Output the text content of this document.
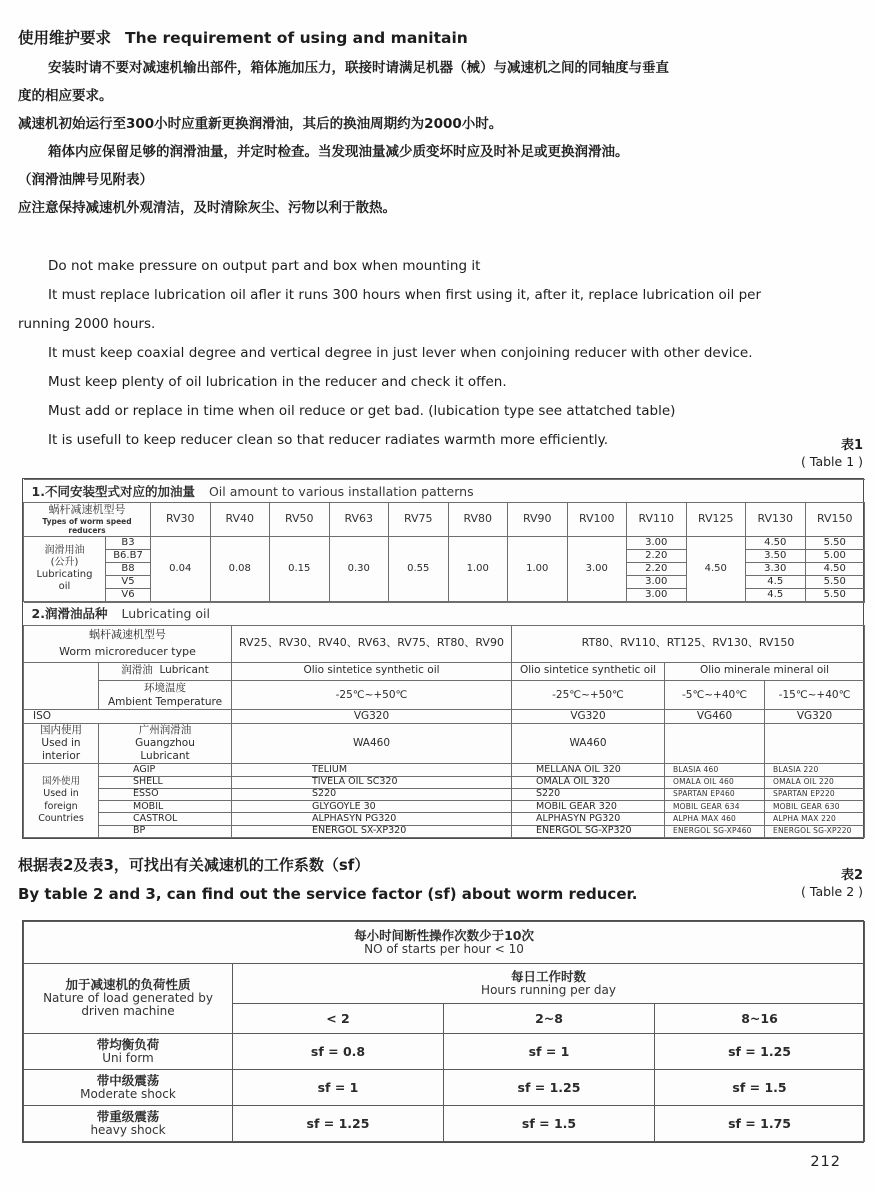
使用维护要求 The requirement of using and manitain

安装时请不要对减速机输出部件，箱体施加压力，联接时请满足机器（械）与减速机之间的同轴度与垂直

度的相应要求。

减速机初始运行至300小时应重新更换润滑油，其后的换油周期约为2000小时。

箱体内应保留足够的润滑油量，并定时检查。当发现油量减少质变坏时应及时补足或更换润滑油。

（润滑油牌号见附表）

应注意保持减速机外观清洁，及时清除灰尘、污物以利于散热。

Do not make pressure on output part and box when mounting it

It must replace lubrication oil afler it runs 300 hours when first using it, after it, replace lubrication oil per

running 2000 hours.

It must keep coaxial degree and vertical degree in just lever when conjoining reducer with other device.

Must keep plenty of oil lubrication in the reducer and check it offen.

Must add or replace in time when oil reduce or get bad. (lubication type see attatched table)

It is usefull to keep reducer clean so that reducer radiates warmth more efficiently.	表1
( Table 1 )
1.不同安装型式对应的加油量 Oil amount to various installation patterns													

蜗杆减速机型号
Types of worm speed reducers		RV30	RV40	RV50	RV63	RV75	RV80	RV90	RV100	RV110	RV125	RV130	RV150

润滑用油
(公升)
Lubricating
oil	B3	0.04	0.08	0.15	0.30	0.55	1.00	1.00	3.00	3.00	4.50	4.50	5.50
	B6.B7									2.20		3.50	5.00
	B8									2.20		3.30	4.50
	V5									3.00		4.5	5.50
	V6									3.00		4.5	5.50
2.润滑油品种 Lubricating oil					

蜗杆减速机型号
Worm microreducer type		RV25、RV30、RV40、RV63、RV75、RT80、RV90	RT80、RV110、RT125、RV130、RV150		
	润滑油 Lubricant	Olio sintetice synthetic oil	Olio sintetice synthetic oil	Olio minerale mineral oil	

	环境温度
Ambient Temperature	-25℃~+50℃	-25℃~+50℃	-5℃~+40℃	-15℃~+40℃
ISO		VG320	VG320	VG460	VG320

国内使用
Used in
interior

广州润滑油
Guangzhou
Lubricant
	WA460	WA460		

国外使用
Used in
foreign
Countries	AGIP	TELIUM	MELLANA OIL 320	BLASIA 460	BLASIA 220
	SHELL	TIVELA OIL SC320	OMALA OIL 320	OMALA OIL 460	OMALA OIL 220
	ESSO	S220	S220	SPARTAN EP460	SPARTAN EP220
	MOBIL	GLYGOYLE 30	MOBIL GEAR 320	MOBIL GEAR 634	MOBIL GEAR 630
	CASTROL	ALPHASYN PG320	ALPHASYN PG320	ALPHA MAX 460	ALPHA MAX 220
	BP	ENERGOL SX-XP320	ENERGOL SG-XP320	ENERGOL SG-XP460	ENERGOL SG-XP220
根据表2及表3，可找出有关减速机的工作系数（sf）
By table 2 and 3, can find out the service factor (sf) about worm reducer.
表2
( Table 2 )
每小时间断性操作次数少于10次
NO of starts per hour < 10			

加于减速机的负荷性质
Nature of load generated by
driven machine	每日工作时数
Hours running per day		

	< 2	2~8	8~16

带均衡负荷
Uni form	sf = 0.8	sf = 1	sf = 1.25

带中级震荡
Moderate shock	sf = 1	sf = 1.25	sf = 1.5

带重级震荡
heavy shock	sf = 1.25	sf = 1.5	sf = 1.75
212
